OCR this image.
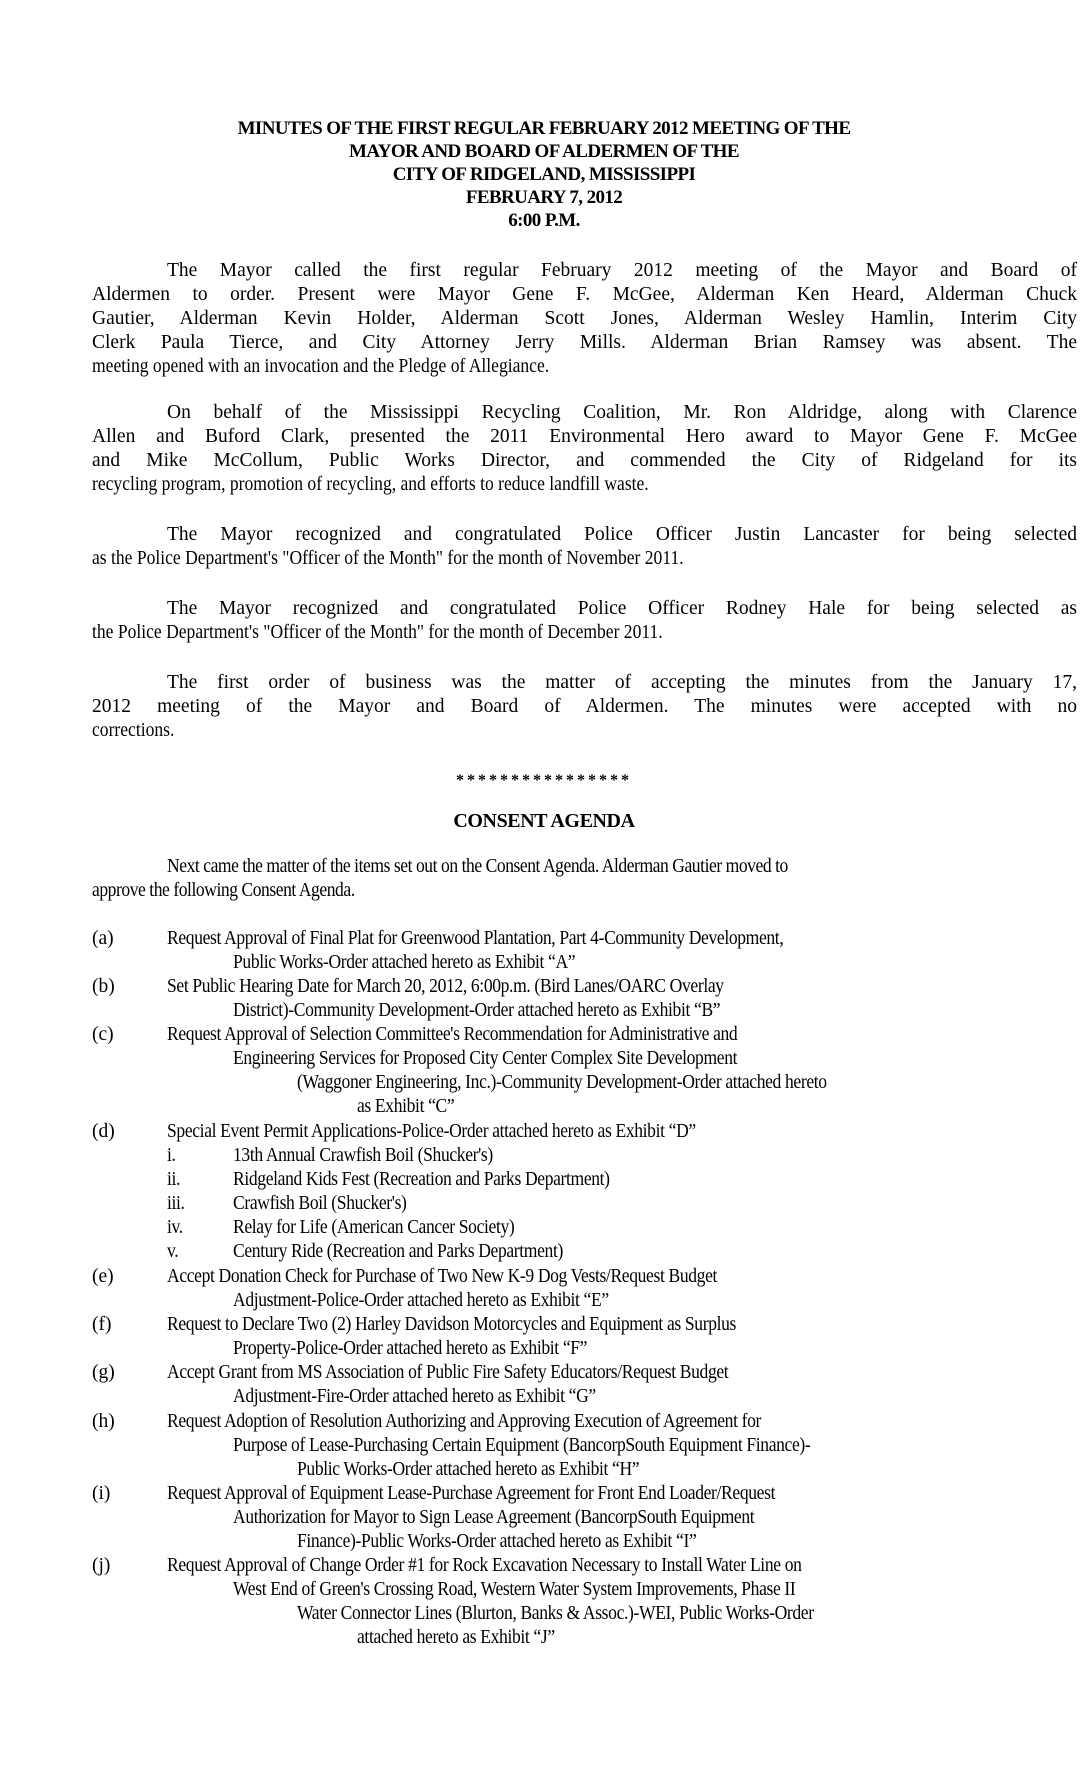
MINUTES OF THE FIRST REGULAR FEBRUARY 2012 MEETING OF THE
MAYOR AND BOARD OF ALDERMEN OF THE
CITY OF RIDGELAND, MISSISSIPPI
FEBRUARY 7, 2012
6:00 P.M.
The Mayor called the first regular February 2012 meeting of the Mayor and Board of
Aldermen to order. Present were Mayor Gene F. McGee, Alderman Ken Heard, Alderman Chuck
Gautier, Alderman Kevin Holder, Alderman Scott Jones, Alderman Wesley Hamlin, Interim City
Clerk Paula Tierce, and City Attorney Jerry Mills. Alderman Brian Ramsey was absent. The
meeting opened with an invocation and the Pledge of Allegiance.
On behalf of the Mississippi Recycling Coalition, Mr. Ron Aldridge, along with Clarence
Allen and Buford Clark, presented the 2011 Environmental Hero award to Mayor Gene F. McGee
and Mike McCollum, Public Works Director, and commended the City of Ridgeland for its
recycling program, promotion of recycling, and efforts to reduce landfill waste.
The Mayor recognized and congratulated Police Officer Justin Lancaster for being selected
as the Police Department's "Officer of the Month" for the month of November 2011.
The Mayor recognized and congratulated Police Officer Rodney Hale for being selected as
the Police Department's "Officer of the Month" for the month of December 2011.
The first order of business was the matter of accepting the minutes from the January 17,
2012 meeting of the Mayor and Board of Aldermen. The minutes were accepted with no
corrections.
****************
CONSENT AGENDA
Next came the matter of the items set out on the Consent Agenda. Alderman Gautier moved to
approve the following Consent Agenda.
(a)	Request Approval of Final Plat for Greenwood Plantation, Part 4-Community Development,
Public Works-Order attached hereto as Exhibit “A”
(b)	Set Public Hearing Date for March 20, 2012, 6:00p.m. (Bird Lanes/OARC Overlay
District)-Community Development-Order attached hereto as Exhibit “B”
(c)	Request Approval of Selection Committee's Recommendation for Administrative and
Engineering Services for Proposed City Center Complex Site Development
(Waggoner Engineering, Inc.)-Community Development-Order attached hereto
as Exhibit “C”
(d)	Special Event Permit Applications-Police-Order attached hereto as Exhibit “D”
i.	13th Annual Crawfish Boil (Shucker's)
ii.	Ridgeland Kids Fest (Recreation and Parks Department)
iii. Crawfish Boil (Shucker's)
iv.	Relay for Life (American Cancer Society)
v.	Century Ride (Recreation and Parks Department)
(e)	Accept Donation Check for Purchase of Two New K-9 Dog Vests/Request Budget
Adjustment-Police-Order attached hereto as Exhibit “E”
(f)	Request to Declare Two (2) Harley Davidson Motorcycles and Equipment as Surplus
Property-Police-Order attached hereto as Exhibit “F”
(g)	Accept Grant from MS Association of Public Fire Safety Educators/Request Budget
Adjustment-Fire-Order attached hereto as Exhibit “G”
(h)	Request Adoption of Resolution Authorizing and Approving Execution of Agreement for
Purpose of Lease-Purchasing Certain Equipment (BancorpSouth Equipment Finance)-
Public Works-Order attached hereto as Exhibit “H”
(i)	Request Approval of Equipment Lease-Purchase Agreement for Front End Loader/Request
Authorization for Mayor to Sign Lease Agreement (BancorpSouth Equipment
Finance)-Public Works-Order attached hereto as Exhibit “I”
(j)	Request Approval of Change Order #1 for Rock Excavation Necessary to Install Water Line on
West End of Green's Crossing Road, Western Water System Improvements, Phase II
Water Connector Lines (Blurton, Banks & Assoc.)-WEI, Public Works-Order
attached hereto as Exhibit “J”
